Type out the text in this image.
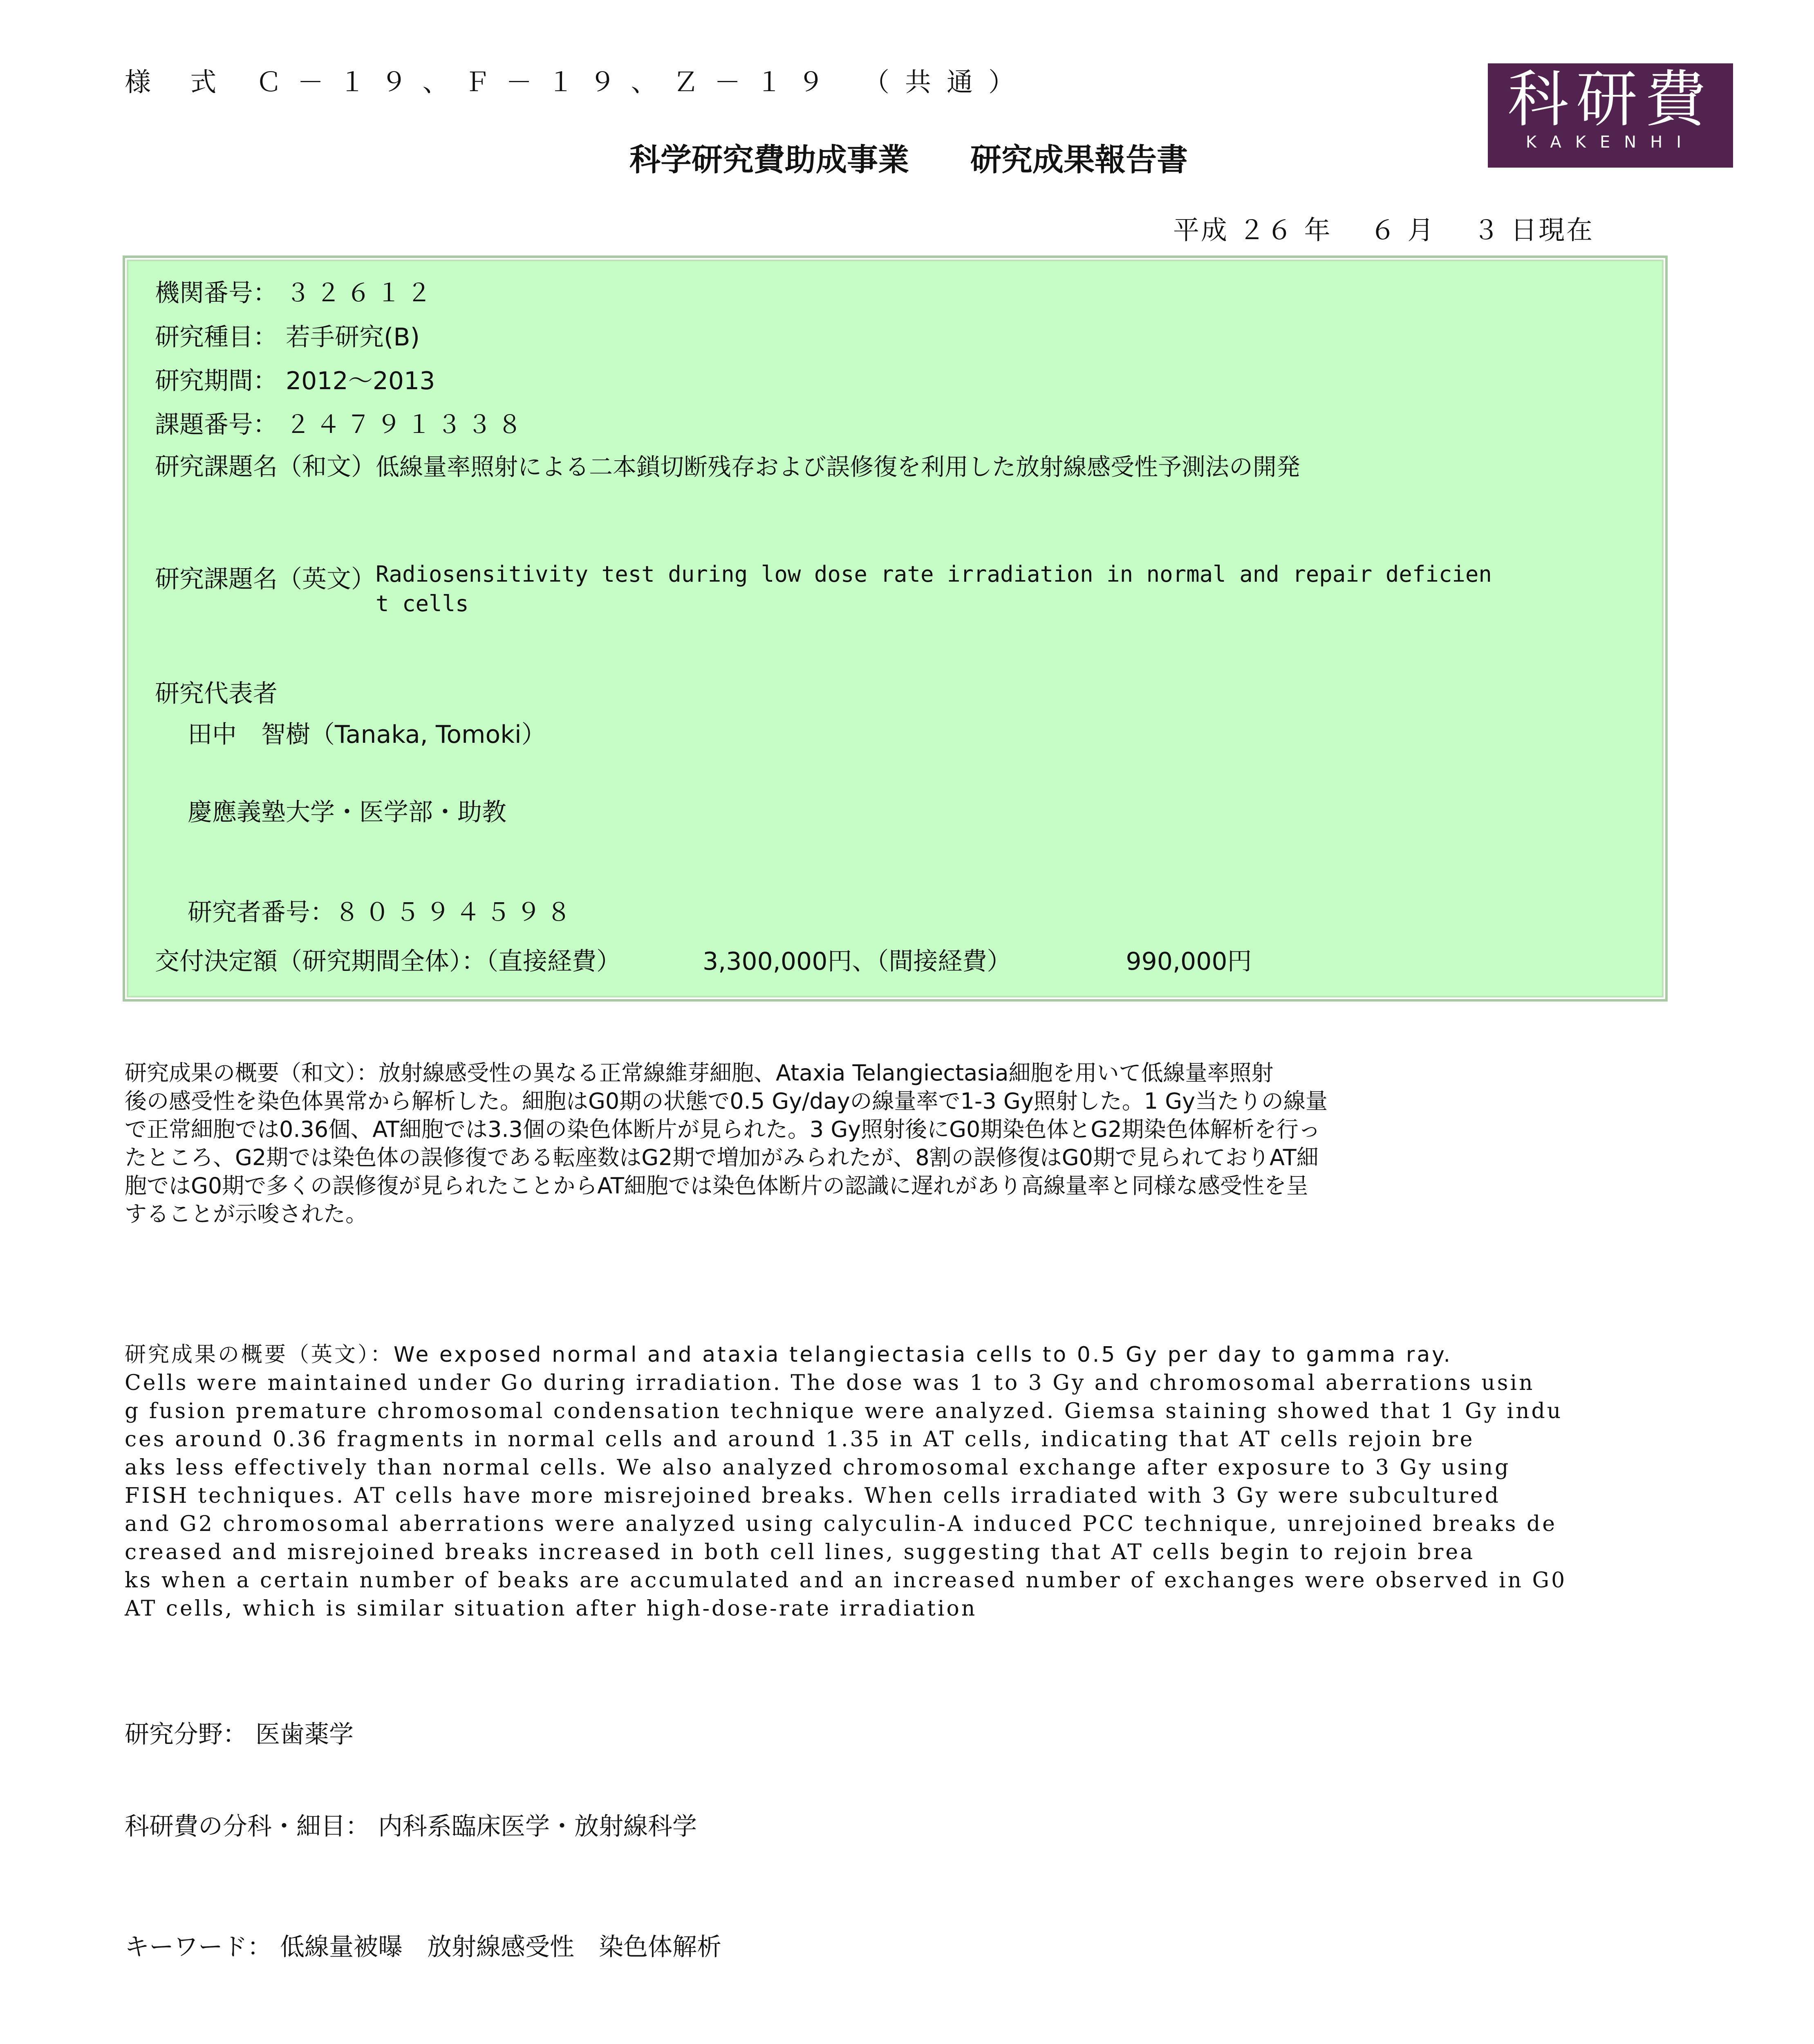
様 式 Ｃ－１９、Ｆ－１９、Ｚ－１９ （共通）	科研費
KAKENHI
科学研究費助成事業 研究成果報告書
平成 ２６ 年　 ６ 月 　３ 日現在
機関番号： ３２６１２
研究種目： 若手研究(B)
研究期間： 2012～2013
課題番号： ２４７９１３３８
研究課題名（和文）低線量率照射による二本鎖切断残存および誤修復を利用した放射線感受性予測法の開発
研究課題名（英文） Radiosensitivity test during low dose rate irradiation in normal and repair deficien
t cells
研究代表者
田中　智樹（Tanaka, Tomoki）
慶應義塾大学・医学部・助教
研究者番号：８０５９４５９８
交付決定額（研究期間全体）：（直接経費）	3,300,000円、（間接経費）	990,000円
研究成果の概要（和文）：放射線感受性の異なる正常線維芽細胞、Ataxia Telangiectasia細胞を用いて低線量率照射
後の感受性を染色体異常から解析した。細胞はG0期の状態で0.5 Gy/dayの線量率で1-3 Gy照射した。1 Gy当たりの線量
で正常細胞では0.36個、AT細胞では3.3個の染色体断片が見られた。3 Gy照射後にG0期染色体とG2期染色体解析を行っ
たところ、G2期では染色体の誤修復である転座数はG2期で増加がみられたが、8割の誤修復はG0期で見られておりAT細
胞ではG0期で多くの誤修復が見られたことからAT細胞では染色体断片の認識に遅れがあり高線量率と同様な感受性を呈
することが示唆された。
研究成果の概要（英文）：We exposed normal and ataxia telangiectasia cells to 0.5 Gy per day to gamma ray.
Cells were maintained under Go during irradiation. The dose was 1 to 3 Gy and chromosomal aberrations usin
g fusion premature chromosomal condensation technique were analyzed. Giemsa staining showed that 1 Gy indu
ces around 0.36 fragments in normal cells and around 1.35 in AT cells, indicating that AT cells rejoin bre
aks less effectively than normal cells. We also analyzed chromosomal exchange after exposure to 3 Gy using
FISH techniques. AT cells have more misrejoined breaks. When cells irradiated with 3 Gy were subcultured
and G2 chromosomal aberrations were analyzed using calyculin-A induced PCC technique, unrejoined breaks de
creased and misrejoined breaks increased in both cell lines, suggesting that AT cells begin to rejoin brea
ks when a certain number of beaks are accumulated and an increased number of exchanges were observed in G0
AT cells, which is similar situation after high-dose-rate irradiation
研究分野： 医歯薬学
科研費の分科・細目： 内科系臨床医学・放射線科学
キーワード： 低線量被曝　放射線感受性　染色体解析
